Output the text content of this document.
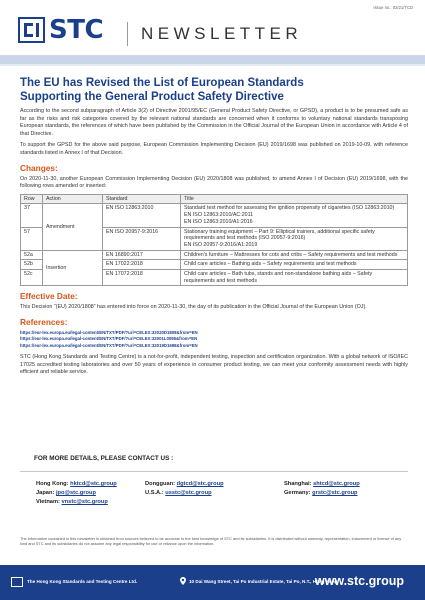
Issue no.: 02/21/TCD
STC NEWSLETTER
The EU has Revised the List of European Standards
Supporting the General Product Safety Directive

According to the second subparagraph of Article 3(2) of Directive 2001/95/EC (General Product Safety Directive, or GPSD), a product is to be presumed safe as far as the risks and risk categories covered by the relevant national standards are concerned when it conforms to voluntary national standards transposing European standards, the references of which have been published by the Commission in the Official Journal of the European Union in accordance with Article 4 of that Directive.

To support the GPSD for the above said purpose, European Commission Implementing Decision (EU) 2019/1698 was published on 2019-10-09, with reference standards listed in Annex I of that Decision.

Changes:

On 2020-11-30, another European Commission Implementing Decision (EU) 2020/1808 was published, to amend Annex I of Decision (EU) 2019/1698, with the following rows amended or inserted:

Row	Action	Standard	Title
37	Amendment	EN ISO 12863:2010	Standard test method for assessing the ignition propensity of cigarettes (ISO 12863:2010)
EN ISO 12863:2010/AC:2011
EN ISO 12863:2010/A1:2016
57		EN ISO 20957-9:2016	Stationary training equipment – Part 9: Elliptical trainers, additional specific safety requirements and test methods (ISO 20957-9:2016)
EN ISO 20957-9:2016/A1:2019
52a	Insertion	EN 16890:2017	Children’s furniture – Mattresses for cots and cribs – Safety requirements and test methods
52b		EN 17022:2018	Child care articles – Bathing aids – Safety requirements and test methods
52c		EN 17072:2018	Child care articles – Bath tubs, stands and non-standalone bathing aids – Safety requirements and test methods
Effective Date:

This Decision “(EU) 2020/1808” has entered into force on 2020-11-30, the day of its publication in the Official Journal of the European Union (OJ).

References:
https://eur-lex.europa.eu/legal-content/EN/TXT/PDF/?uri=CELEX:32020D1808&from=EN
https://eur-lex.europa.eu/legal-content/EN/TXT/PDF/?uri=CELEX:32001L0095&from=EN
https://eur-lex.europa.eu/legal-content/EN/TXT/PDF/?uri=CELEX:32019D1698&from=EN

STC (Hong Kong Standards and Testing Centre) is a not-for-profit, independent testing, inspection and certification organization. With a global network of ISO/IEC 17025 accredited testing laboratories and over 50 years of experience in consumer product testing, we can meet your conformity assessment needs with highly efficient and reliable service.

FOR MORE DETAILS, PLEASE CONTACT US :
Hong Kong: hktcd@stc.group	Dongguan: dgtcd@stc.group	Shanghai: shtcd@stc.group
Japan: jpo@stc.group	U.S.A.: usstc@stc.group	Germany: grstc@stc.group
Vietnam: vnstc@stc.group
The information contained in this newsletter is obtained from sources believed to be accurate to the best knowledge of STC and its subsidiaries. It is distributed without warranty, representation, inducement or license of any kind and STC and its subsidiaries do not assume any legal responsibility for use or reliance upon the information.
The Hong Kong Standards and Testing Centre Ltd.	10 Dai Wang Street, Tai Po Industrial Estate, Tai Po, N.T., Hong Kong
www.stc.group
